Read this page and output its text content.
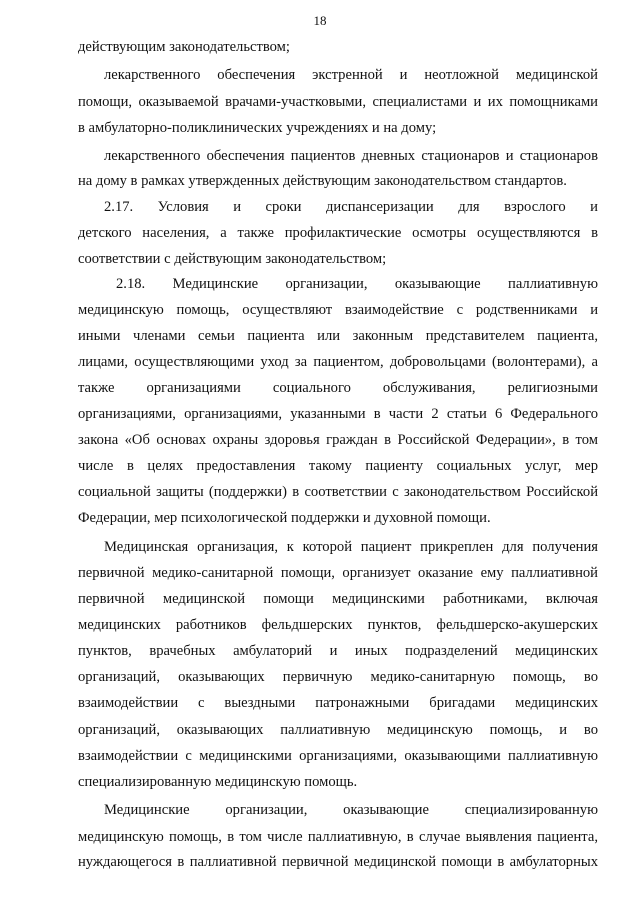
18
действующим законодательством;
лекарственного обеспечения экстренной и неотложной медицинской
помощи, оказываемой врачами-участковыми, специалистами и их помощниками
в амбулаторно-поликлинических учреждениях и на дому;
лекарственного обеспечения пациентов дневных стационаров и стационаров
на дому в рамках утвержденных действующим законодательством стандартов.
2.17. Условия и сроки диспансеризации для взрослого и
детского населения, а также профилактические осмотры осуществляются в
соответствии с действующим законодательством;
2.18. Медицинские организации, оказывающие паллиативную
медицинскую помощь, осуществляют взаимодействие с родственниками и
иными членами семьи пациента или законным представителем пациента,
лицами, осуществляющими уход за пациентом, добровольцами (волонтерами), а
также организациями социального обслуживания, религиозными
организациями, организациями, указанными в части 2 статьи 6 Федерального
закона «Об основах охраны здоровья граждан в Российской Федерации», в том
числе в целях предоставления такому пациенту социальных услуг, мер
социальной защиты (поддержки) в соответствии с законодательством Российской
Федерации, мер психологической поддержки и духовной помощи.
Медицинская организация, к которой пациент прикреплен для получения
первичной медико-санитарной помощи, организует оказание ему паллиативной
первичной медицинской помощи медицинскими работниками, включая
медицинских работников фельдшерских пунктов, фельдшерско-акушерских
пунктов, врачебных амбулаторий и иных подразделений медицинских
организаций, оказывающих первичную медико-санитарную помощь, во
взаимодействии с выездными патронажными бригадами медицинских
организаций, оказывающих паллиативную медицинскую помощь, и во
взаимодействии с медицинскими организациями, оказывающими паллиативную
специализированную медицинскую помощь.
Медицинские организации, оказывающие специализированную
медицинскую помощь, в том числе паллиативную, в случае выявления пациента,
нуждающегося в паллиативной первичной медицинской помощи в амбулаторных
